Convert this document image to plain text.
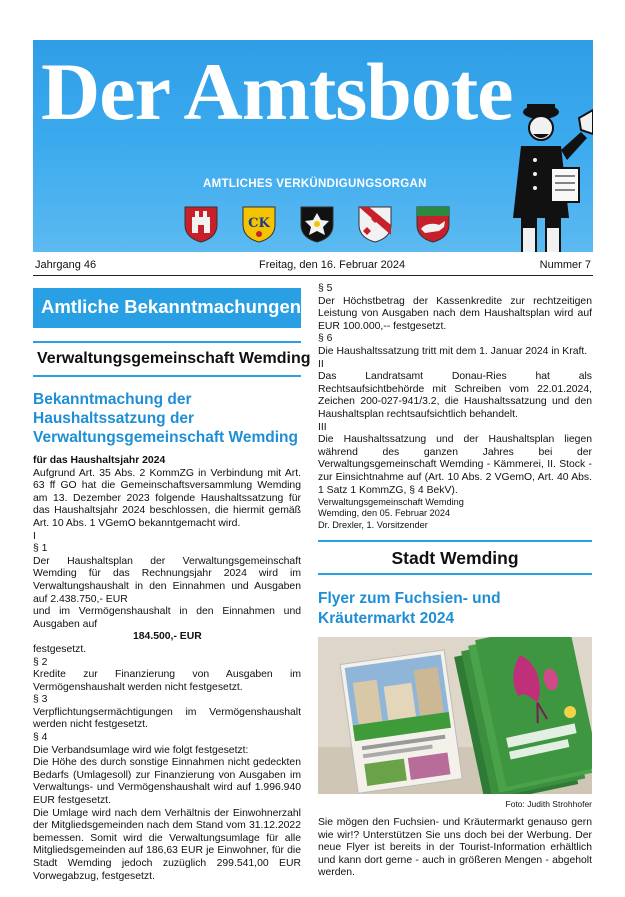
Der Amtsbote
AMTLICHES VERKÜNDIGUNGSORGAN
CK
Jahrgang 46	Freitag, den 16. Februar 2024	Nummer 7
Amtliche Bekanntmachungen
Verwaltungsgemeinschaft Wemding
Bekanntmachung der Haushaltssatzung der Verwaltungsgemeinschaft Wemding

für das Haushaltsjahr 2024

Aufgrund Art. 35 Abs. 2 KommZG in Verbindung mit Art. 63 ff GO hat die Gemeinschaftsversammlung Wemding am 13. Dezember 2023 folgende Haushaltssatzung für das Haushaltsjahr 2024 beschlossen, die hiermit gemäß Art. 10 Abs. 1 VGemO bekanntgemacht wird.

I

§ 1

Der Haushaltsplan der Verwaltungsgemeinschaft Wemding für das Rechnungsjahr 2024 wird im Verwaltungshaushalt in den Einnahmen und Ausgaben auf 2.438.750,- EUR

und im Vermögenshaushalt in den Einnahmen und Ausgaben auf

184.500,- EUR

festgesetzt.

§ 2

Kredite zur Finanzierung von Ausgaben im Vermögenshaushalt werden nicht festgesetzt.

§ 3

Verpflichtungsermächtigungen im Vermögenshaushalt werden nicht festgesetzt.

§ 4

Die Verbandsumlage wird wie folgt festgesetzt:

Die Höhe des durch sonstige Einnahmen nicht gedeckten Bedarfs (Umlagesoll) zur Finanzierung von Ausgaben im Verwaltungs- und Vermögenshaushalt wird auf 1.996.940 EUR festgesetzt.

Die Umlage wird nach dem Verhältnis der Einwohnerzahl der Mitgliedsgemeinden nach dem Stand vom 31.12.2022 bemessen. Somit wird die Verwaltungsumlage für alle Mitgliedsgemeinden auf 186,63 EUR je Einwohner, für die Stadt Wemding jedoch zuzüglich 299.541,00 EUR Vorwegabzug, festgesetzt.

§ 5

Der Höchstbetrag der Kassenkredite zur rechtzeitigen Leistung von Ausgaben nach dem Haushaltsplan wird auf EUR 100.000,-- festgesetzt.

§ 6

Die Haushaltssatzung tritt mit dem 1. Januar 2024 in Kraft.

II

Das Landratsamt Donau-Ries hat als Rechtsaufsichtbehörde mit Schreiben vom 22.01.2024, Zeichen 200-027-941/3.2, die Haushaltssatzung und den Haushaltsplan rechtsaufsichtlich behandelt.

III

Die Haushaltssatzung und der Haushaltsplan liegen während des ganzen Jahres bei der Verwaltungsgemeinschaft Wemding - Kämmerei, II. Stock - zur Einsichtnahme auf (Art. 10 Abs. 2 VGemO, Art. 40 Abs. 1 Satz 1 KommZG, § 4 BekV).

Verwaltungsgemeinschaft Wemding

Wemding, den 05. Februar 2024

Dr. Drexler, 1. Vorsitzender

Stadt Wemding
Flyer zum Fuchsien- und Kräutermarkt 2024
Foto: Judith Strohhofer
Sie mögen den Fuchsien- und Kräutermarkt genauso gern wie wir!? Unterstützen Sie uns doch bei der Werbung. Der neue Flyer ist bereits in der Tourist-Information erhältlich und kann dort gerne - auch in größeren Mengen - abgeholt werden.
